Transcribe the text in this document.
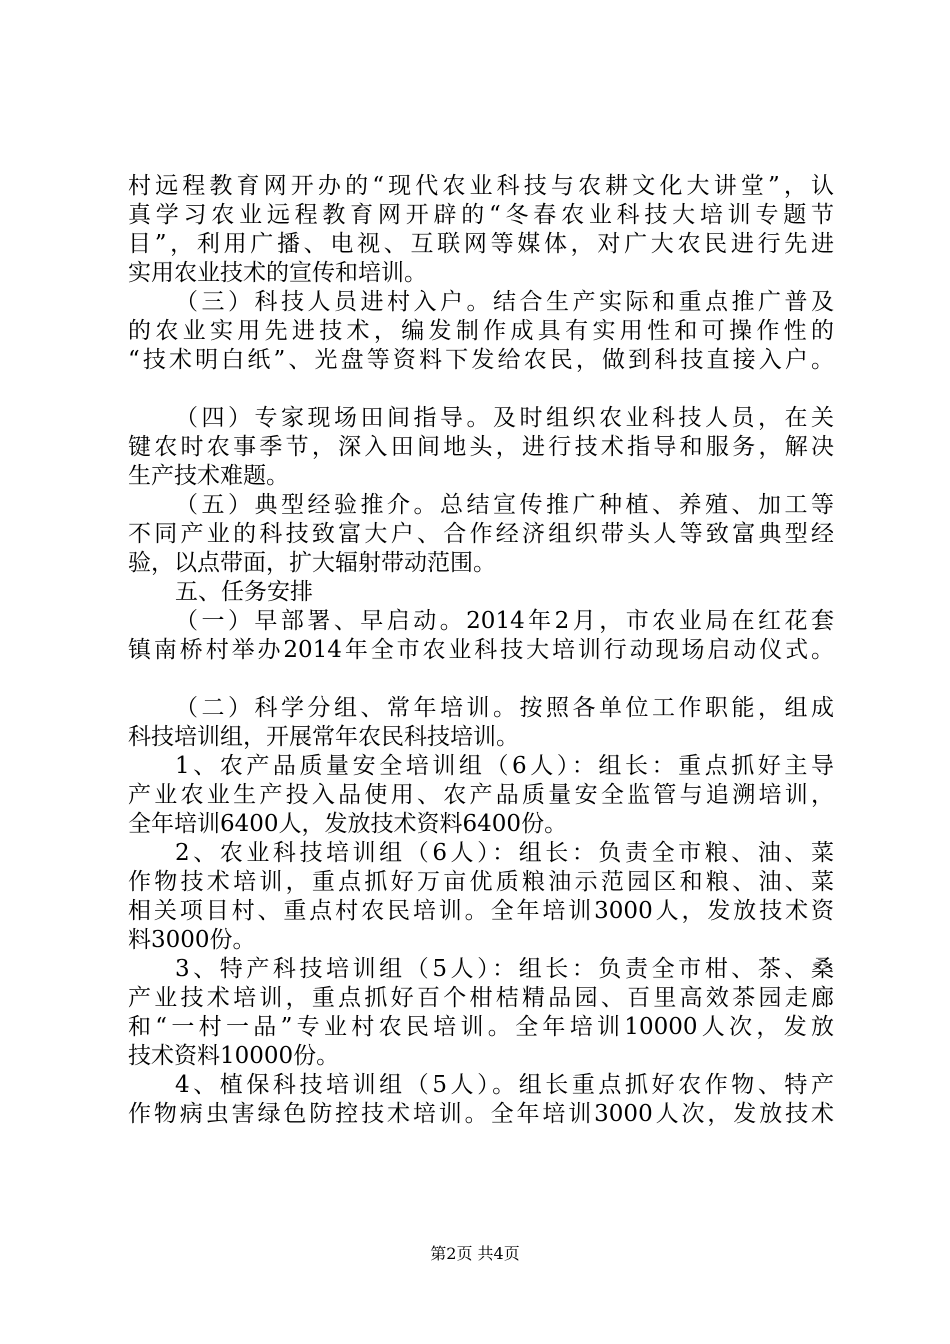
村远程教育网开办的“现代农业科技与农耕文化大讲堂”，认
真学习农业远程教育网开辟的“冬春农业科技大培训专题节
目”，利用广播、电视、互联网等媒体，对广大农民进行先进
实用农业技术的宣传和培训。
（三）科技人员进村入户。结合生产实际和重点推广普及
的农业实用先进技术，编发制作成具有实用性和可操作性的
“技术明白纸”、光盘等资料下发给农民，做到科技直接入户。
（四）专家现场田间指导。及时组织农业科技人员，在关
键农时农事季节，深入田间地头，进行技术指导和服务，解决
生产技术难题。
（五）典型经验推介。总结宣传推广种植、养殖、加工等
不同产业的科技致富大户、合作经济组织带头人等致富典型经
验，以点带面，扩大辐射带动范围。
五、任务安排
（一）早部署、早启动。2014年2月，市农业局在红花套
镇南桥村举办2014年全市农业科技大培训行动现场启动仪式。
（二）科学分组、常年培训。按照各单位工作职能，组成
科技培训组，开展常年农民科技培训。
1、农产品质量安全培训组（6人）：组长：重点抓好主导
产业农业生产投入品使用、农产品质量安全监管与追溯培训，
全年培训6400人，发放技术资料6400份。
2、农业科技培训组（6人）：组长：负责全市粮、油、菜
作物技术培训，重点抓好万亩优质粮油示范园区和粮、油、菜
相关项目村、重点村农民培训。全年培训3000人，发放技术资
料3000份。
3、特产科技培训组（5人）：组长：负责全市柑、茶、桑
产业技术培训，重点抓好百个柑桔精品园、百里高效茶园走廊
和“一村一品”专业村农民培训。全年培训10000人次，发放
技术资料10000份。
4、植保科技培训组（5人）。组长重点抓好农作物、特产
作物病虫害绿色防控技术培训。全年培训3000人次，发放技术
第2页 共4页
